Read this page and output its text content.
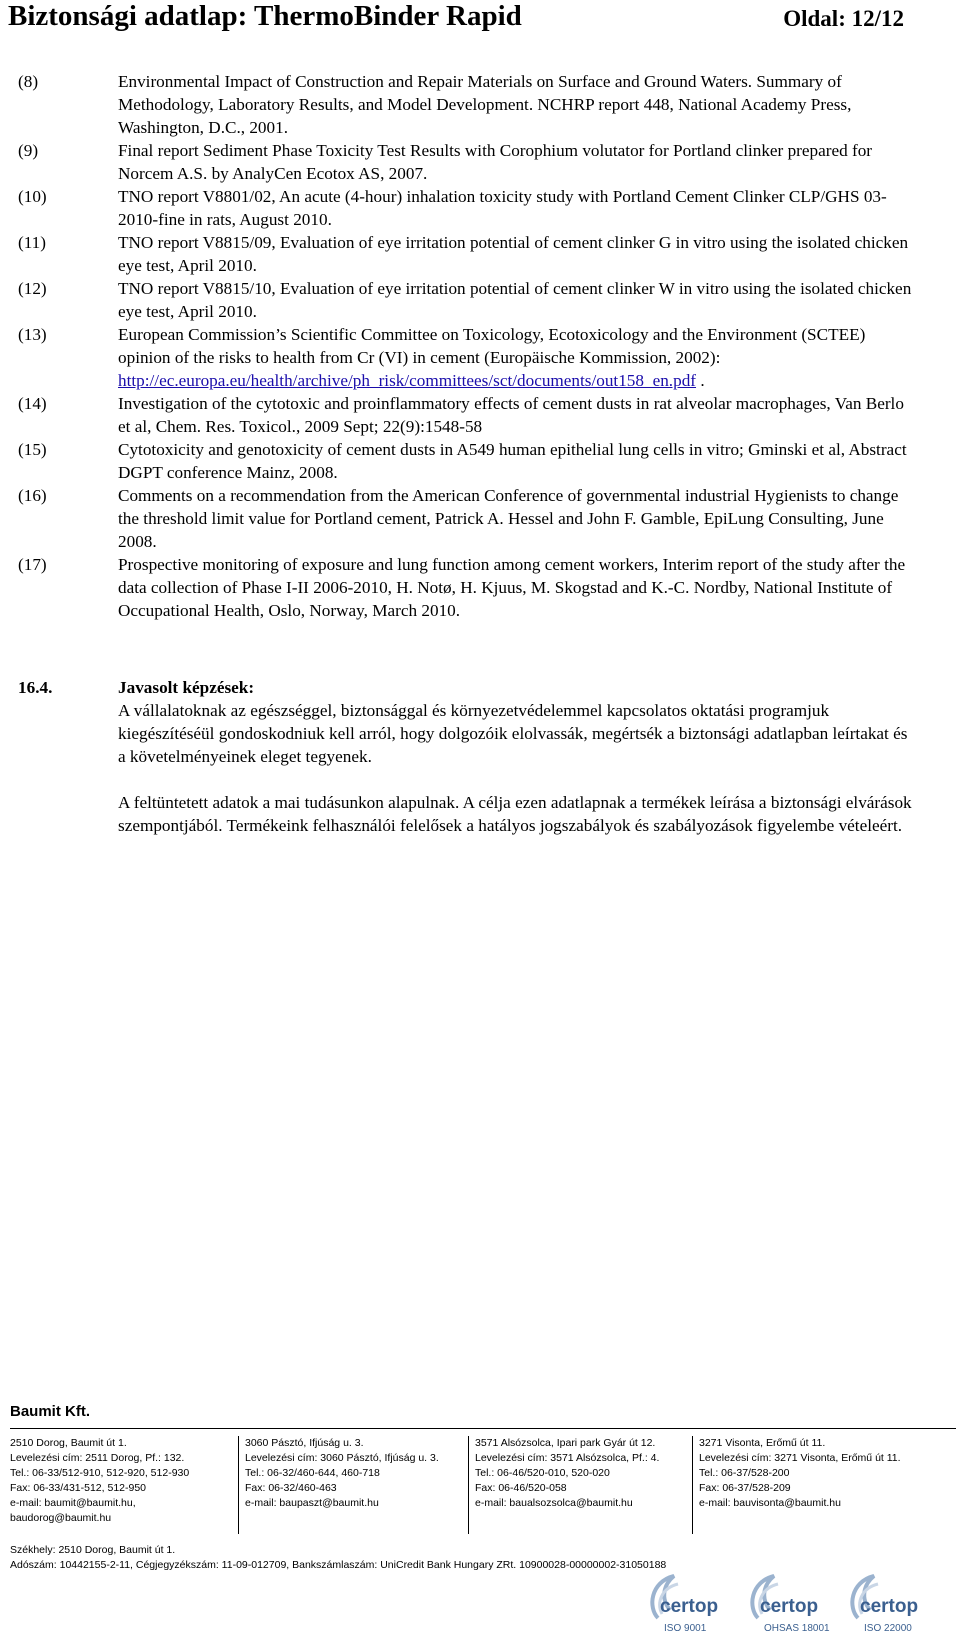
Biztonsági adatlap: ThermoBinder Rapid	Oldal: 12/12
(8)	Environmental Impact of Construction and Repair Materials on Surface and Ground Waters. Summary of Methodology, Laboratory Results, and Model Development. NCHRP report 448, National Academy Press, Washington, D.C., 2001.
(9)	Final report Sediment Phase Toxicity Test Results with Corophium volutator for Portland clinker prepared for Norcem A.S. by AnalyCen Ecotox AS, 2007.
(10)	TNO report V8801/02, An acute (4-hour) inhalation toxicity study with Portland Cement Clinker CLP/GHS 03-2010-fine in rats, August 2010.
(11)	TNO report V8815/09, Evaluation of eye irritation potential of cement clinker G in vitro using the isolated chicken eye test, April 2010.
(12)	TNO report V8815/10, Evaluation of eye irritation potential of cement clinker W in vitro using the isolated chicken eye test, April 2010.
(13)	European Commission’s Scientific Committee on Toxicology, Ecotoxicology and the Environment (SCTEE) opinion of the risks to health from Cr (VI) in cement (Europäische Kommission, 2002):
http://ec.europa.eu/health/archive/ph_risk/committees/sct/documents/out158_en.pdf .
(14)	Investigation of the cytotoxic and proinflammatory effects of cement dusts in rat alveolar macrophages, Van Berlo et al, Chem. Res. Toxicol., 2009 Sept; 22(9):1548-58
(15)	Cytotoxicity and genotoxicity of cement dusts in A549 human epithelial lung cells in vitro; Gminski et al, Abstract DGPT conference Mainz, 2008.
(16)	Comments on a recommendation from the American Conference of governmental industrial Hygienists to change the threshold limit value for Portland cement, Patrick A. Hessel and John F. Gamble, EpiLung Consulting, June 2008.
(17)	Prospective monitoring of exposure and lung function among cement workers, Interim report of the study after the data collection of Phase I-II 2006-2010, H. Notø, H. Kjuus, M. Skogstad and K.-C. Nordby, National Institute of Occupational Health, Oslo, Norway, March 2010.
16.4.	Javasolt képzések:

A vállalatoknak az egészséggel, biztonsággal és környezetvédelemmel kapcsolatos oktatási programjuk kiegészítéséül gondoskodniuk kell arról, hogy dolgozóik elolvassák, megértsék a biztonsági adatlapban leírtakat és a követelményeinek eleget tegyenek.

A feltüntetett adatok a mai tudásunkon alapulnak. A célja ezen adatlapnak a termékek leírása a biztonsági elvárások szempontjából. Termékeink felhasználói felelősek a hatályos jogszabályok és szabályozások figyelembe vételeért.

Baumit Kft.
2510 Dorog, Baumit út 1.
Levelezési cím: 2511 Dorog, Pf.: 132.
Tel.: 06-33/512-910, 512-920, 512-930
Fax: 06-33/431-512, 512-950
e-mail: baumit@baumit.hu,
baudorog@baumit.hu
3060 Pásztó, Ifjúság u. 3.
Levelezési cím: 3060 Pásztó, Ifjúság u. 3.
Tel.: 06-32/460-644, 460-718
Fax: 06-32/460-463
e-mail: baupaszt@baumit.hu
3571 Alsózsolca, Ipari park Gyár út 12.
Levelezési cím: 3571 Alsózsolca, Pf.: 4.
Tel.: 06-46/520-010, 520-020
Fax: 06-46/520-058
e-mail: baualsozsolca@baumit.hu
3271 Visonta, Erőmű út 11.
Levelezési cím: 3271 Visonta, Erőmű út 11.
Tel.: 06-37/528-200
Fax: 06-37/528-209
e-mail: bauvisonta@baumit.hu
Székhely: 2510 Dorog, Baumit út 1.
Adószám: 10442155-2-11, Cégjegyzékszám: 11-09-012709, Bankszámlaszám: UniCredit Bank Hungary ZRt. 10900028-00000002-31050188
certop
ISO 9001
certop
OHSAS 18001
certop
ISO 22000
